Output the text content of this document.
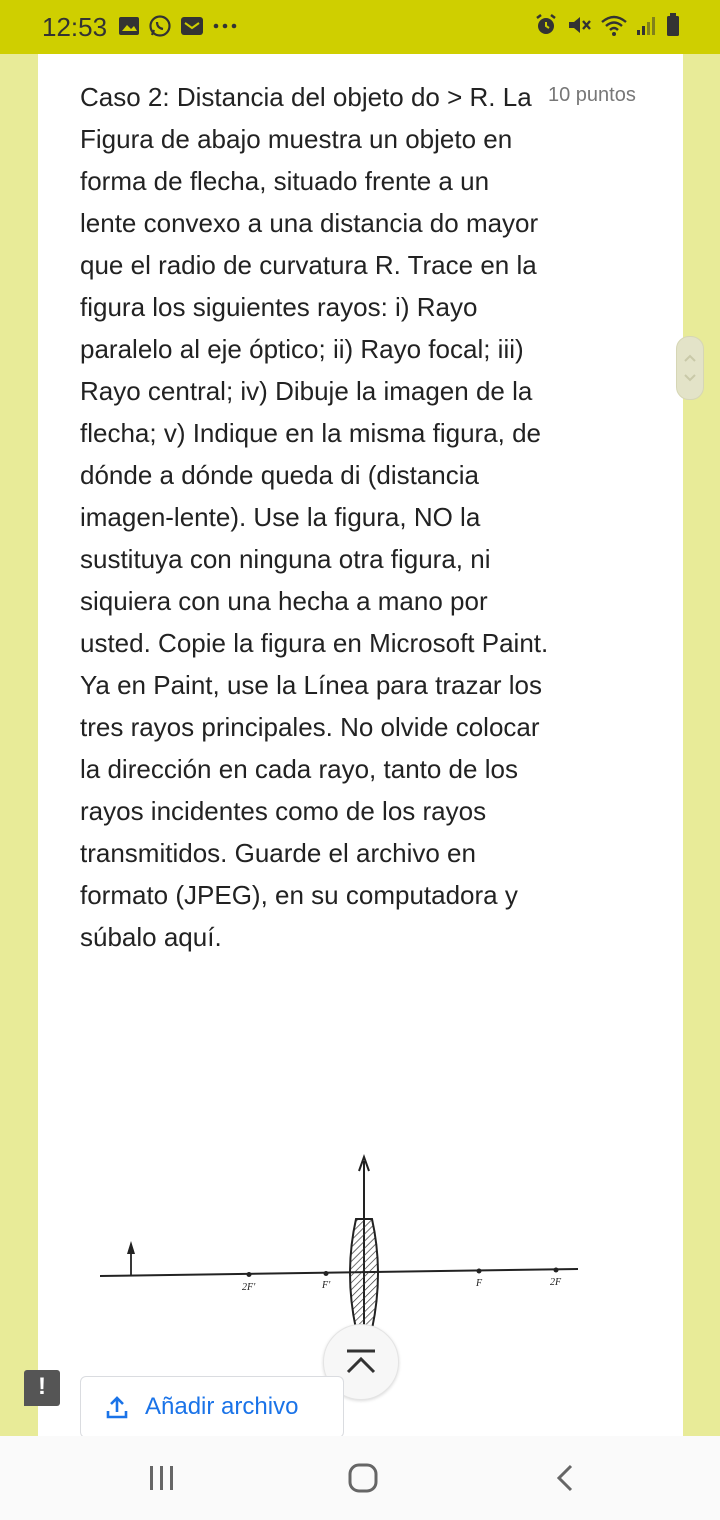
12:53
Caso 2: Distancia del objeto do > R. La Figura de abajo muestra un objeto en forma de flecha, situado frente a un lente convexo a una distancia do mayor que el radio de curvatura R. Trace en la figura los siguientes rayos: i) Rayo paralelo al eje óptico; ii) Rayo focal; iii) Rayo central; iv) Dibuje la imagen de la flecha; v) Indique en la misma figura, de dónde a dónde queda di (distancia imagen-lente). Use la figura, NO la sustituya con ninguna otra figura, ni siquiera con una hecha a mano por usted. Copie la figura en Microsoft Paint. Ya en Paint, use la Línea para trazar los tres rayos principales. No olvide colocar la dirección en cada rayo, tanto de los rayos incidentes como de los rayos transmitidos. Guarde el archivo en formato (JPEG), en su computadora y súbalo aquí.
10 puntos
2F'	F'	F	2F
!
Añadir archivo
